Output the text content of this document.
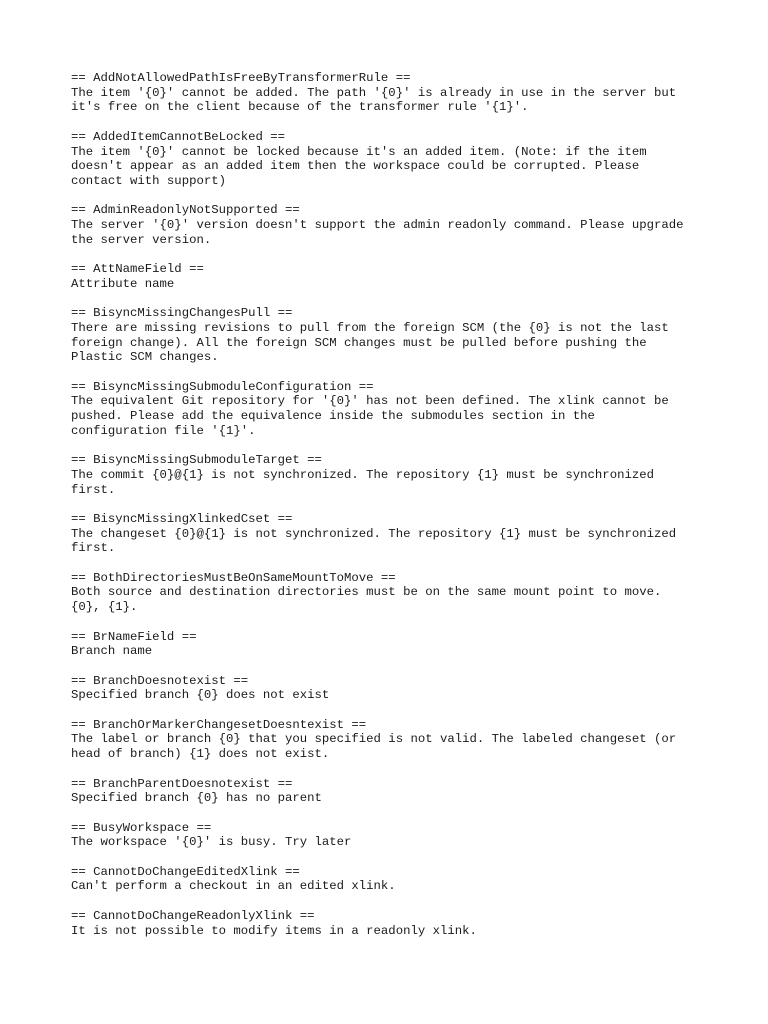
== AddNotAllowedPathIsFreeByTransformerRule ==
The item '{0}' cannot be added. The path '{0}' is already in use in the server but
it's free on the client because of the transformer rule '{1}'.
== AddedItemCannotBeLocked ==
The item '{0}' cannot be locked because it's an added item. (Note: if the item
doesn't appear as an added item then the workspace could be corrupted. Please
contact with support)
== AdminReadonlyNotSupported ==
The server '{0}' version doesn't support the admin readonly command. Please upgrade
the server version.
== AttNameField ==
Attribute name
== BisyncMissingChangesPull ==
There are missing revisions to pull from the foreign SCM (the {0} is not the last
foreign change). All the foreign SCM changes must be pulled before pushing the
Plastic SCM changes.
== BisyncMissingSubmoduleConfiguration ==
The equivalent Git repository for '{0}' has not been defined. The xlink cannot be
pushed. Please add the equivalence inside the submodules section in the
configuration file '{1}'.
== BisyncMissingSubmoduleTarget ==
The commit {0}@{1} is not synchronized. The repository {1} must be synchronized
first.
== BisyncMissingXlinkedCset ==
The changeset {0}@{1} is not synchronized. The repository {1} must be synchronized
first.
== BothDirectoriesMustBeOnSameMountToMove ==
Both source and destination directories must be on the same mount point to move.
{0}, {1}.
== BrNameField ==
Branch name
== BranchDoesnotexist ==
Specified branch {0} does not exist
== BranchOrMarkerChangesetDoesntexist ==
The label or branch {0} that you specified is not valid. The labeled changeset (or
head of branch) {1} does not exist.
== BranchParentDoesnotexist ==
Specified branch {0} has no parent
== BusyWorkspace ==
The workspace '{0}' is busy. Try later
== CannotDoChangeEditedXlink ==
Can't perform a checkout in an edited xlink.
== CannotDoChangeReadonlyXlink ==
It is not possible to modify items in a readonly xlink.
